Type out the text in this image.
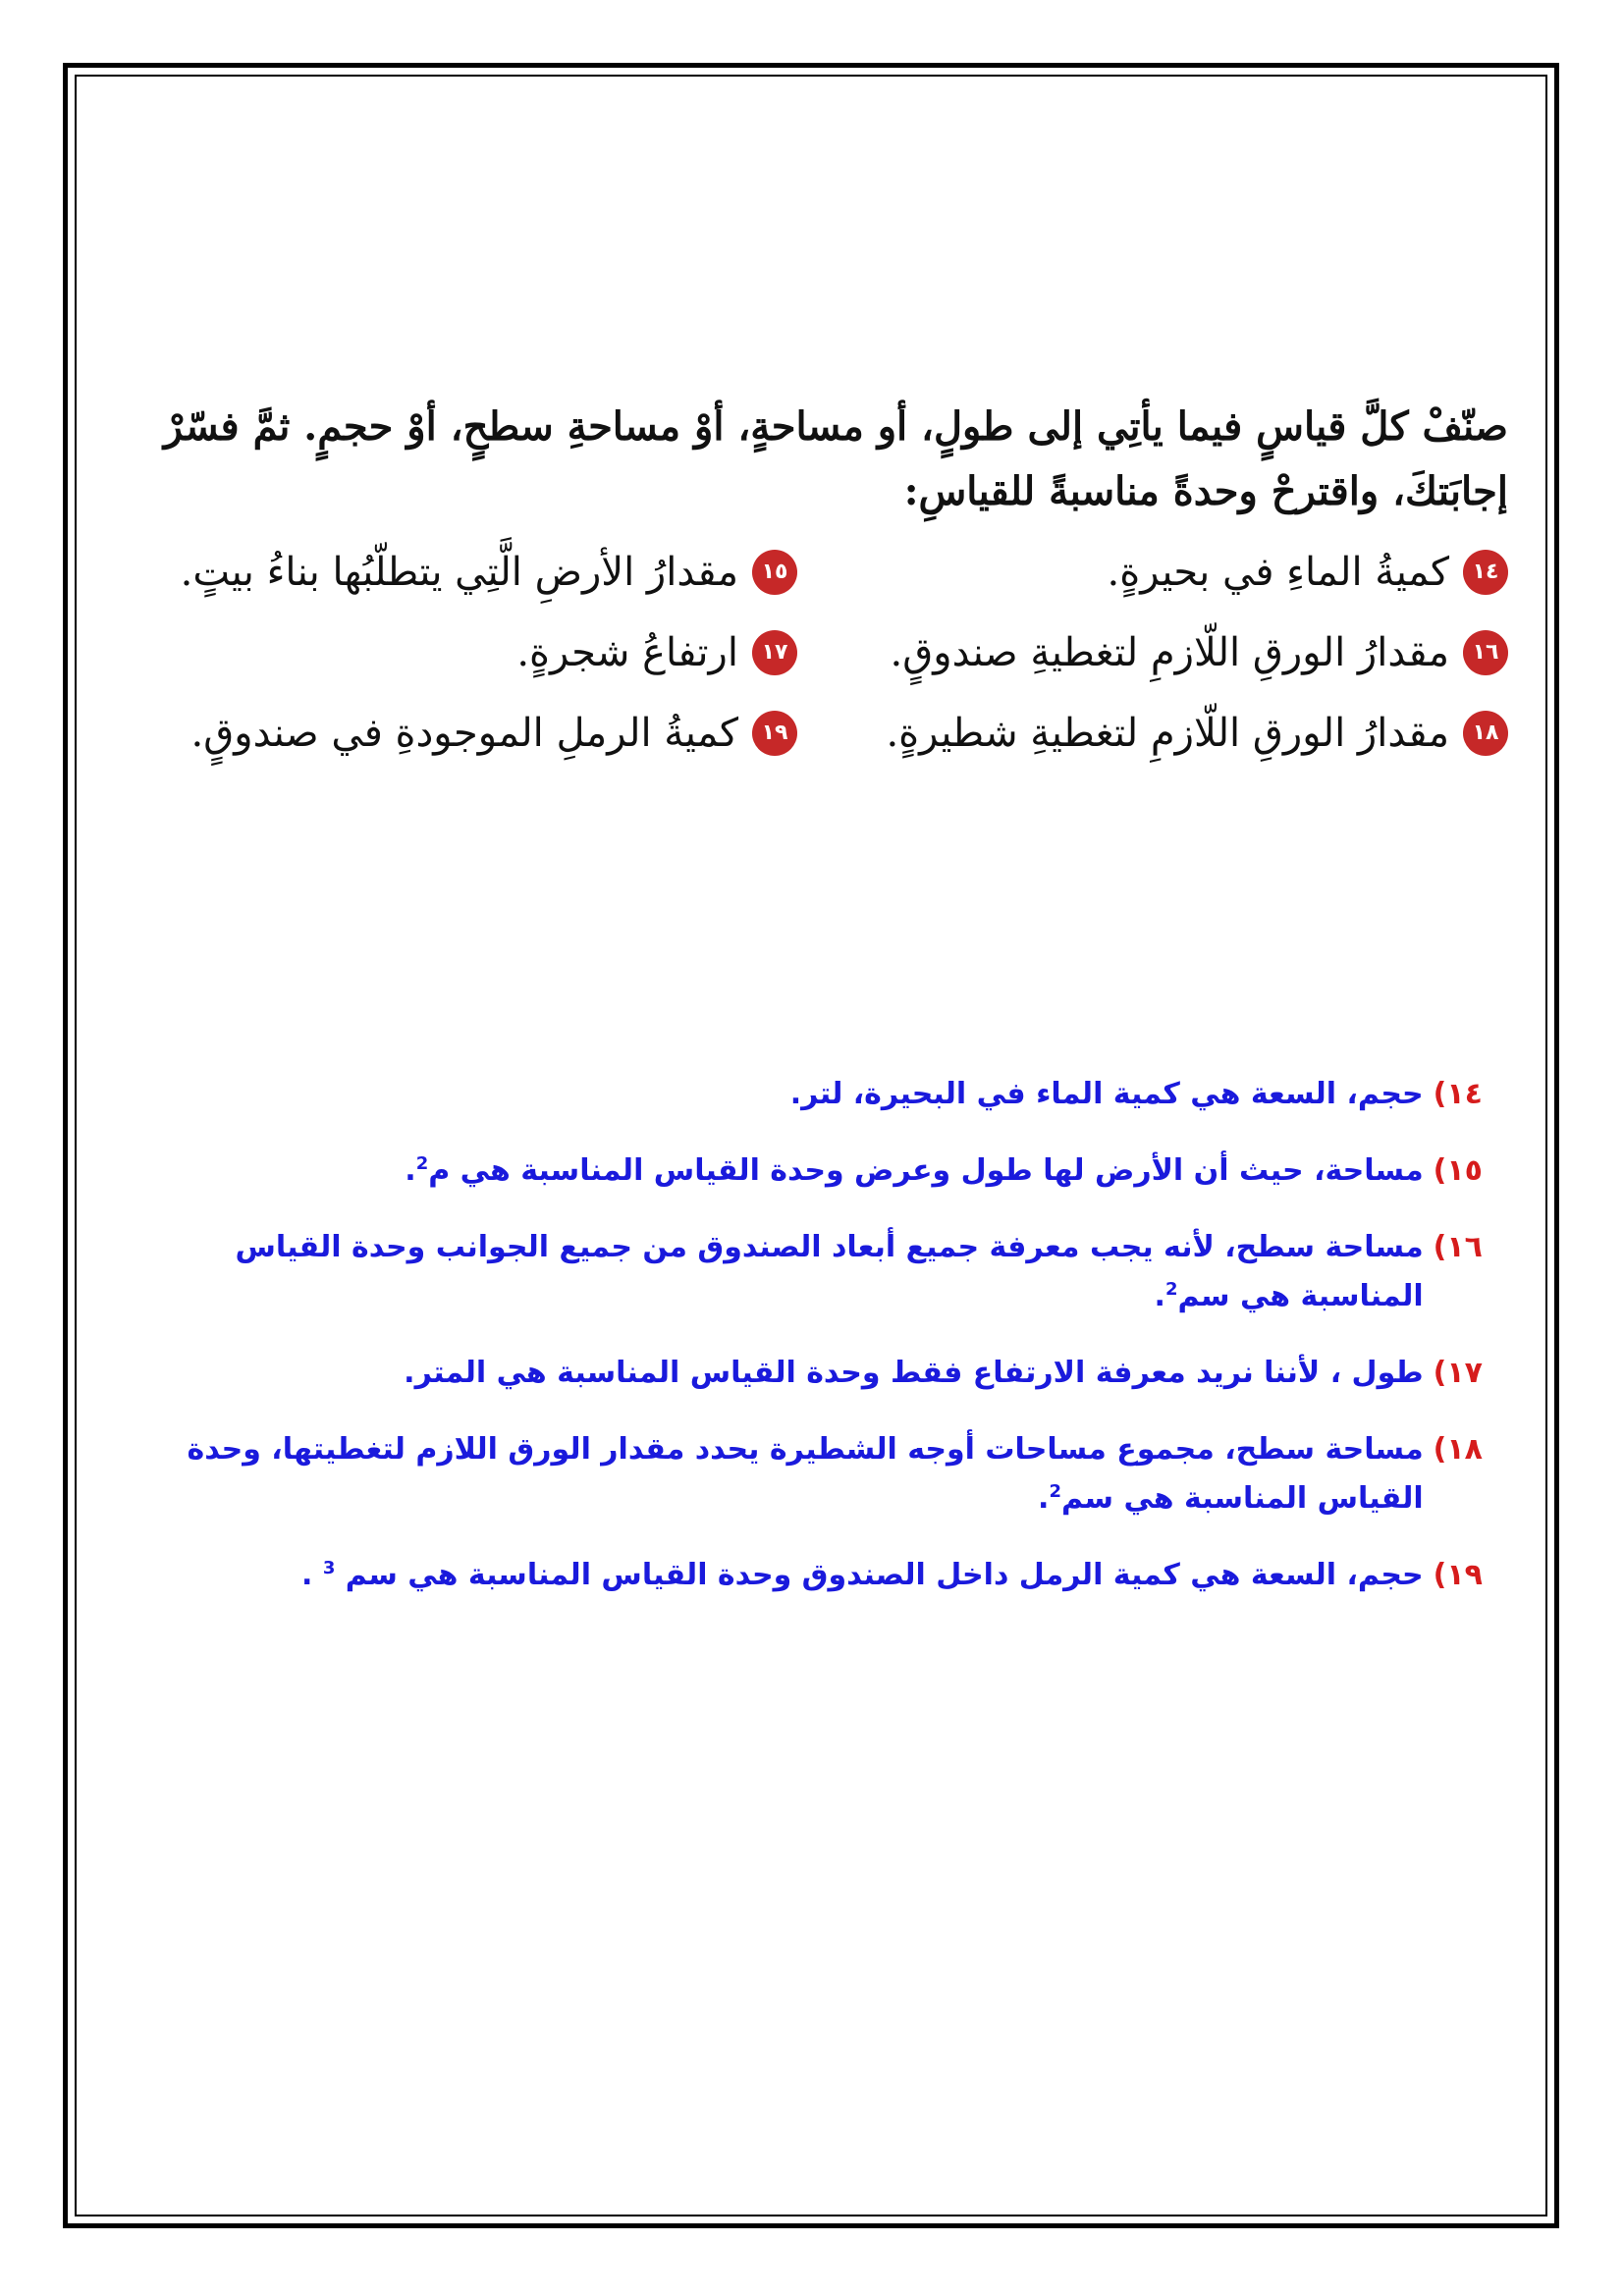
صنّفْ كلَّ قياسٍ فيما يأتِي إلى طولٍ، أو مساحةٍ، أوْ مساحةِ سطحٍ، أوْ حجمٍ. ثمَّ فسّرْ إجابَتكَ، واقترحْ وحدةً مناسبةً للقياسِ:

١٤
كميةُ الماءِ في بحيرةٍ.
١٥
مقدارُ الأرضِ الَّتِي يتطلّبُها بناءُ بيتٍ.
١٦
مقدارُ الورقِ اللّازمِ لتغطيةِ صندوقٍ.
١٧
ارتفاعُ شجرةٍ.
١٨
مقدارُ الورقِ اللّازمِ لتغطيةِ شطيرةٍ.
١٩
كميةُ الرملِ الموجودةِ في صندوقٍ.
١٤)
حجم، السعة هي كمية الماء في البحيرة، لتر.
١٥)
مساحة، حيث أن الأرض لها طول وعرض وحدة القياس المناسبة هي م$^2$.
١٦)
مساحة سطح، لأنه يجب معرفة جميع أبعاد الصندوق من جميع الجوانب وحدة القياس المناسبة هي سم$^2$.
١٧)
طول ، لأننا نريد معرفة الارتفاع فقط وحدة القياس المناسبة هي المتر.
١٨)
مساحة سطح، مجموع مساحات أوجه الشطيرة يحدد مقدار الورق اللازم لتغطيتها، وحدة القياس المناسبة هي سم$^2$.
١٩)
حجم، السعة هي كمية الرمل داخل الصندوق وحدة القياس المناسبة هي سم $^3$ .
